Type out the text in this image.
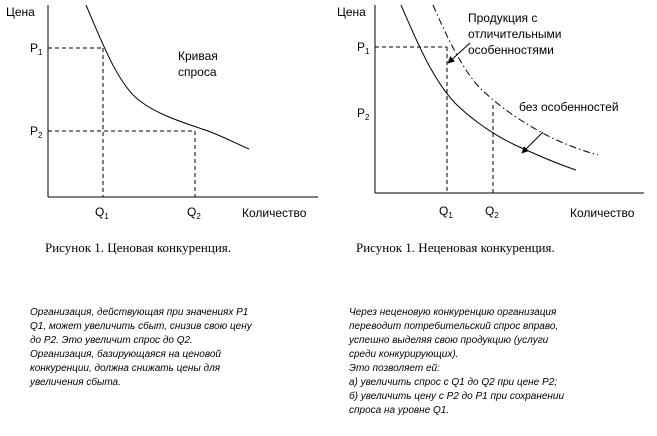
Цена
Количество
$P_1$
$P_2$
$Q_1$	$Q_2$
Кривая
спроса
Рисунок 1. Ценовая конкуренция.
Цена
Количество
$P_1$
$P_2$
$Q_1$	$Q_2$
Продукция с
отличительными
особенностями
без особенностей
Рисунок 1. Неценовая конкуренция.

Организация, действующая при значениях P1

Q1, может увеличить сбыт, снизив свою цену

до P2. Это увеличит спрос до Q2.

Организация, базирующаяся на ценовой

конкуренции, должна снижать цены для

увеличения сбыта.

Через неценовую конкуренцию организация

переводит потребительский спрос вправо,

успешно выделяя свою продукцию (услуги

среди конкурирующих).

Это позволяет ей:

а) увеличить спрос с Q1 до Q2 при цене P2;

б) увеличить цену с P2 до P1 при сохранении

спроса на уровне Q1.
